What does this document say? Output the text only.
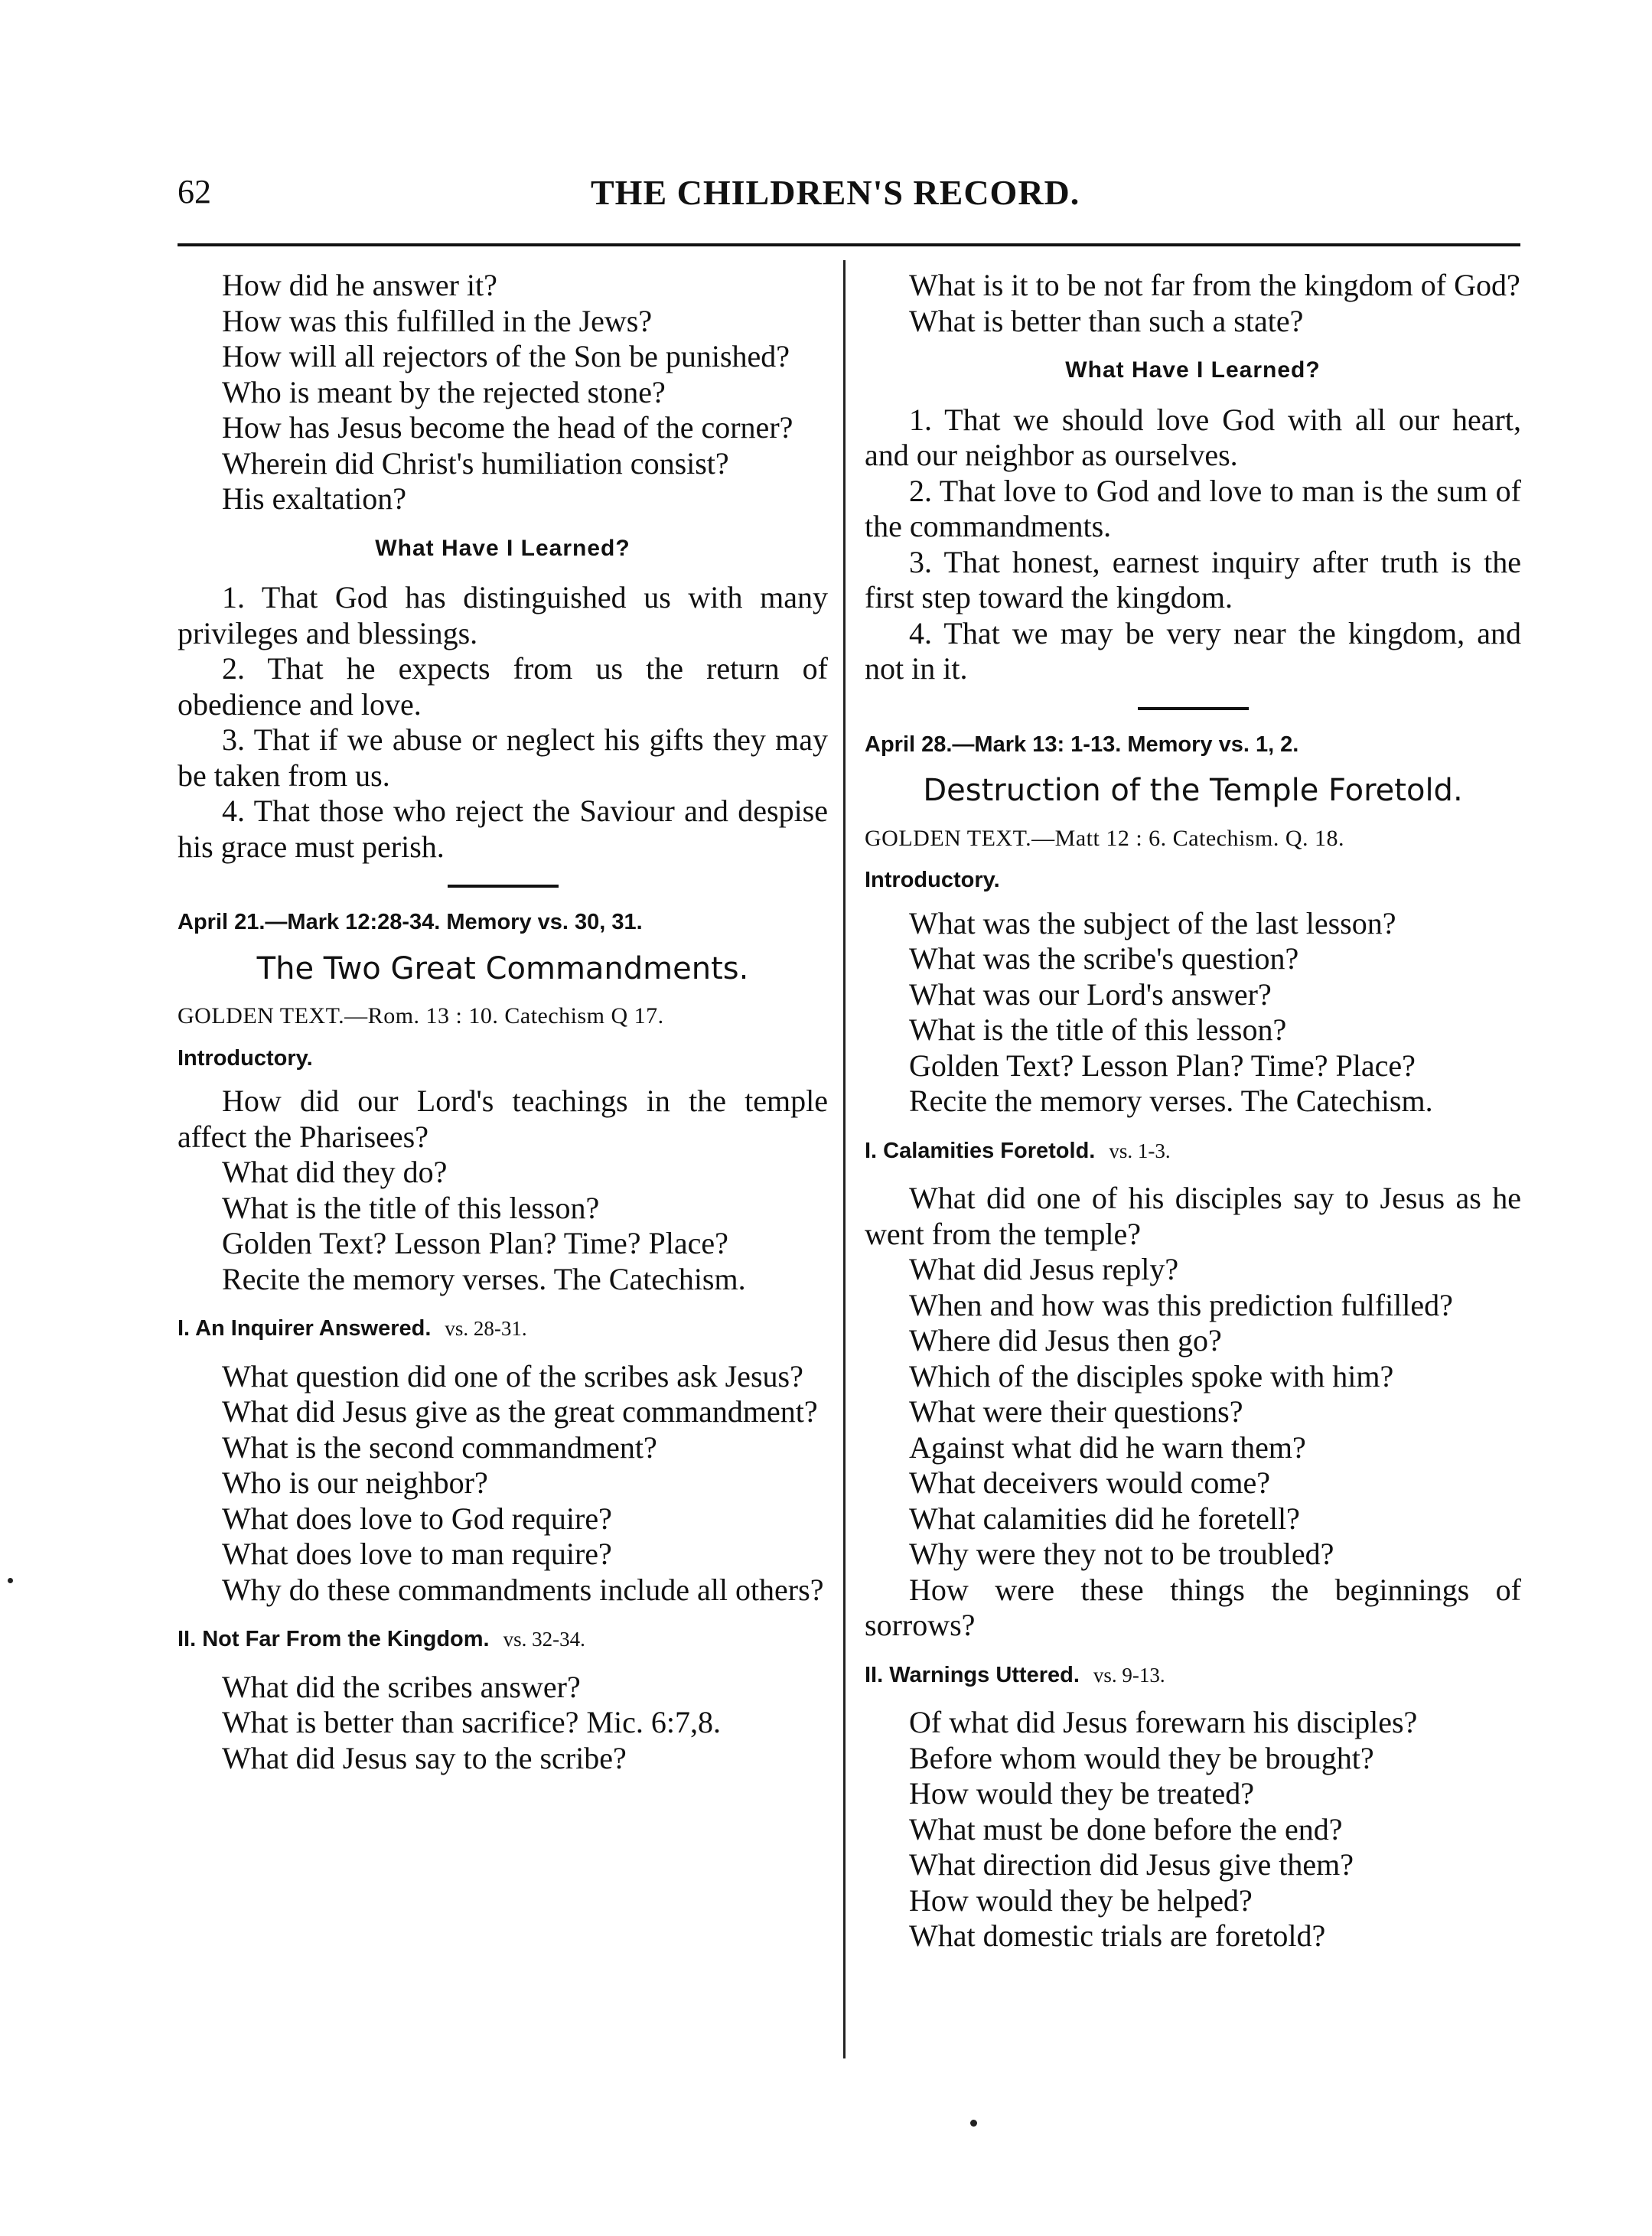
62	THE CHILDREN'S RECORD.

How did he answer it?

How was this fulfilled in the Jews?

How will all rejectors of the Son be punished?

Who is meant by the rejected stone?

How has Jesus become the head of the corner?

Wherein did Christ's humiliation consist?

His exaltation?

What Have I Learned?

1. That God has distinguished us with many privileges and blessings.

2. That he expects from us the return of obedience and love.

3. That if we abuse or neglect his gifts they may be taken from us.

4. That those who reject the Saviour and despise his grace must perish.

April 21.—Mark 12:28-34. Memory vs. 30, 31.
The Two Great Commandments.
GOLDEN TEXT.—Rom. 13 : 10. Catechism Q 17.
Introductory.

How did our Lord's teachings in the temple affect the Pharisees?

What did they do?

What is the title of this lesson?

Golden Text? Lesson Plan? Time? Place?

Recite the memory verses. The Catechism.

I. An Inquirer Answered. vs. 28-31.

What question did one of the scribes ask Jesus?

What did Jesus give as the great commandment?

What is the second commandment?

Who is our neighbor?

What does love to God require?

What does love to man require?

Why do these commandments include all others?

II. Not Far From the Kingdom. vs. 32-34.

What did the scribes answer?

What is better than sacrifice? Mic. 6:7,8.

What did Jesus say to the scribe?

What is it to be not far from the kingdom of God?

What is better than such a state?

What Have I Learned?

1. That we should love God with all our heart, and our neighbor as ourselves.

2. That love to God and love to man is the sum of the commandments.

3. That honest, earnest inquiry after truth is the first step toward the kingdom.

4. That we may be very near the kingdom, and not in it.

April 28.—Mark 13: 1-13. Memory vs. 1, 2.
Destruction of the Temple Foretold.
GOLDEN TEXT.—Matt 12 : 6. Catechism. Q. 18.
Introductory.

What was the subject of the last lesson?

What was the scribe's question?

What was our Lord's answer?

What is the title of this lesson?

Golden Text? Lesson Plan? Time? Place?

Recite the memory verses. The Catechism.

I. Calamities Foretold. vs. 1-3.

What did one of his disciples say to Jesus as he went from the temple?

What did Jesus reply?

When and how was this prediction fulfilled?

Where did Jesus then go?

Which of the disciples spoke with him?

What were their questions?

Against what did he warn them?

What deceivers would come?

What calamities did he foretell?

Why were they not to be troubled?

How were these things the beginnings of sorrows?

II. Warnings Uttered. vs. 9-13.

Of what did Jesus forewarn his disciples?

Before whom would they be brought?

How would they be treated?

What must be done before the end?

What direction did Jesus give them?

How would they be helped?

What domestic trials are foretold?
